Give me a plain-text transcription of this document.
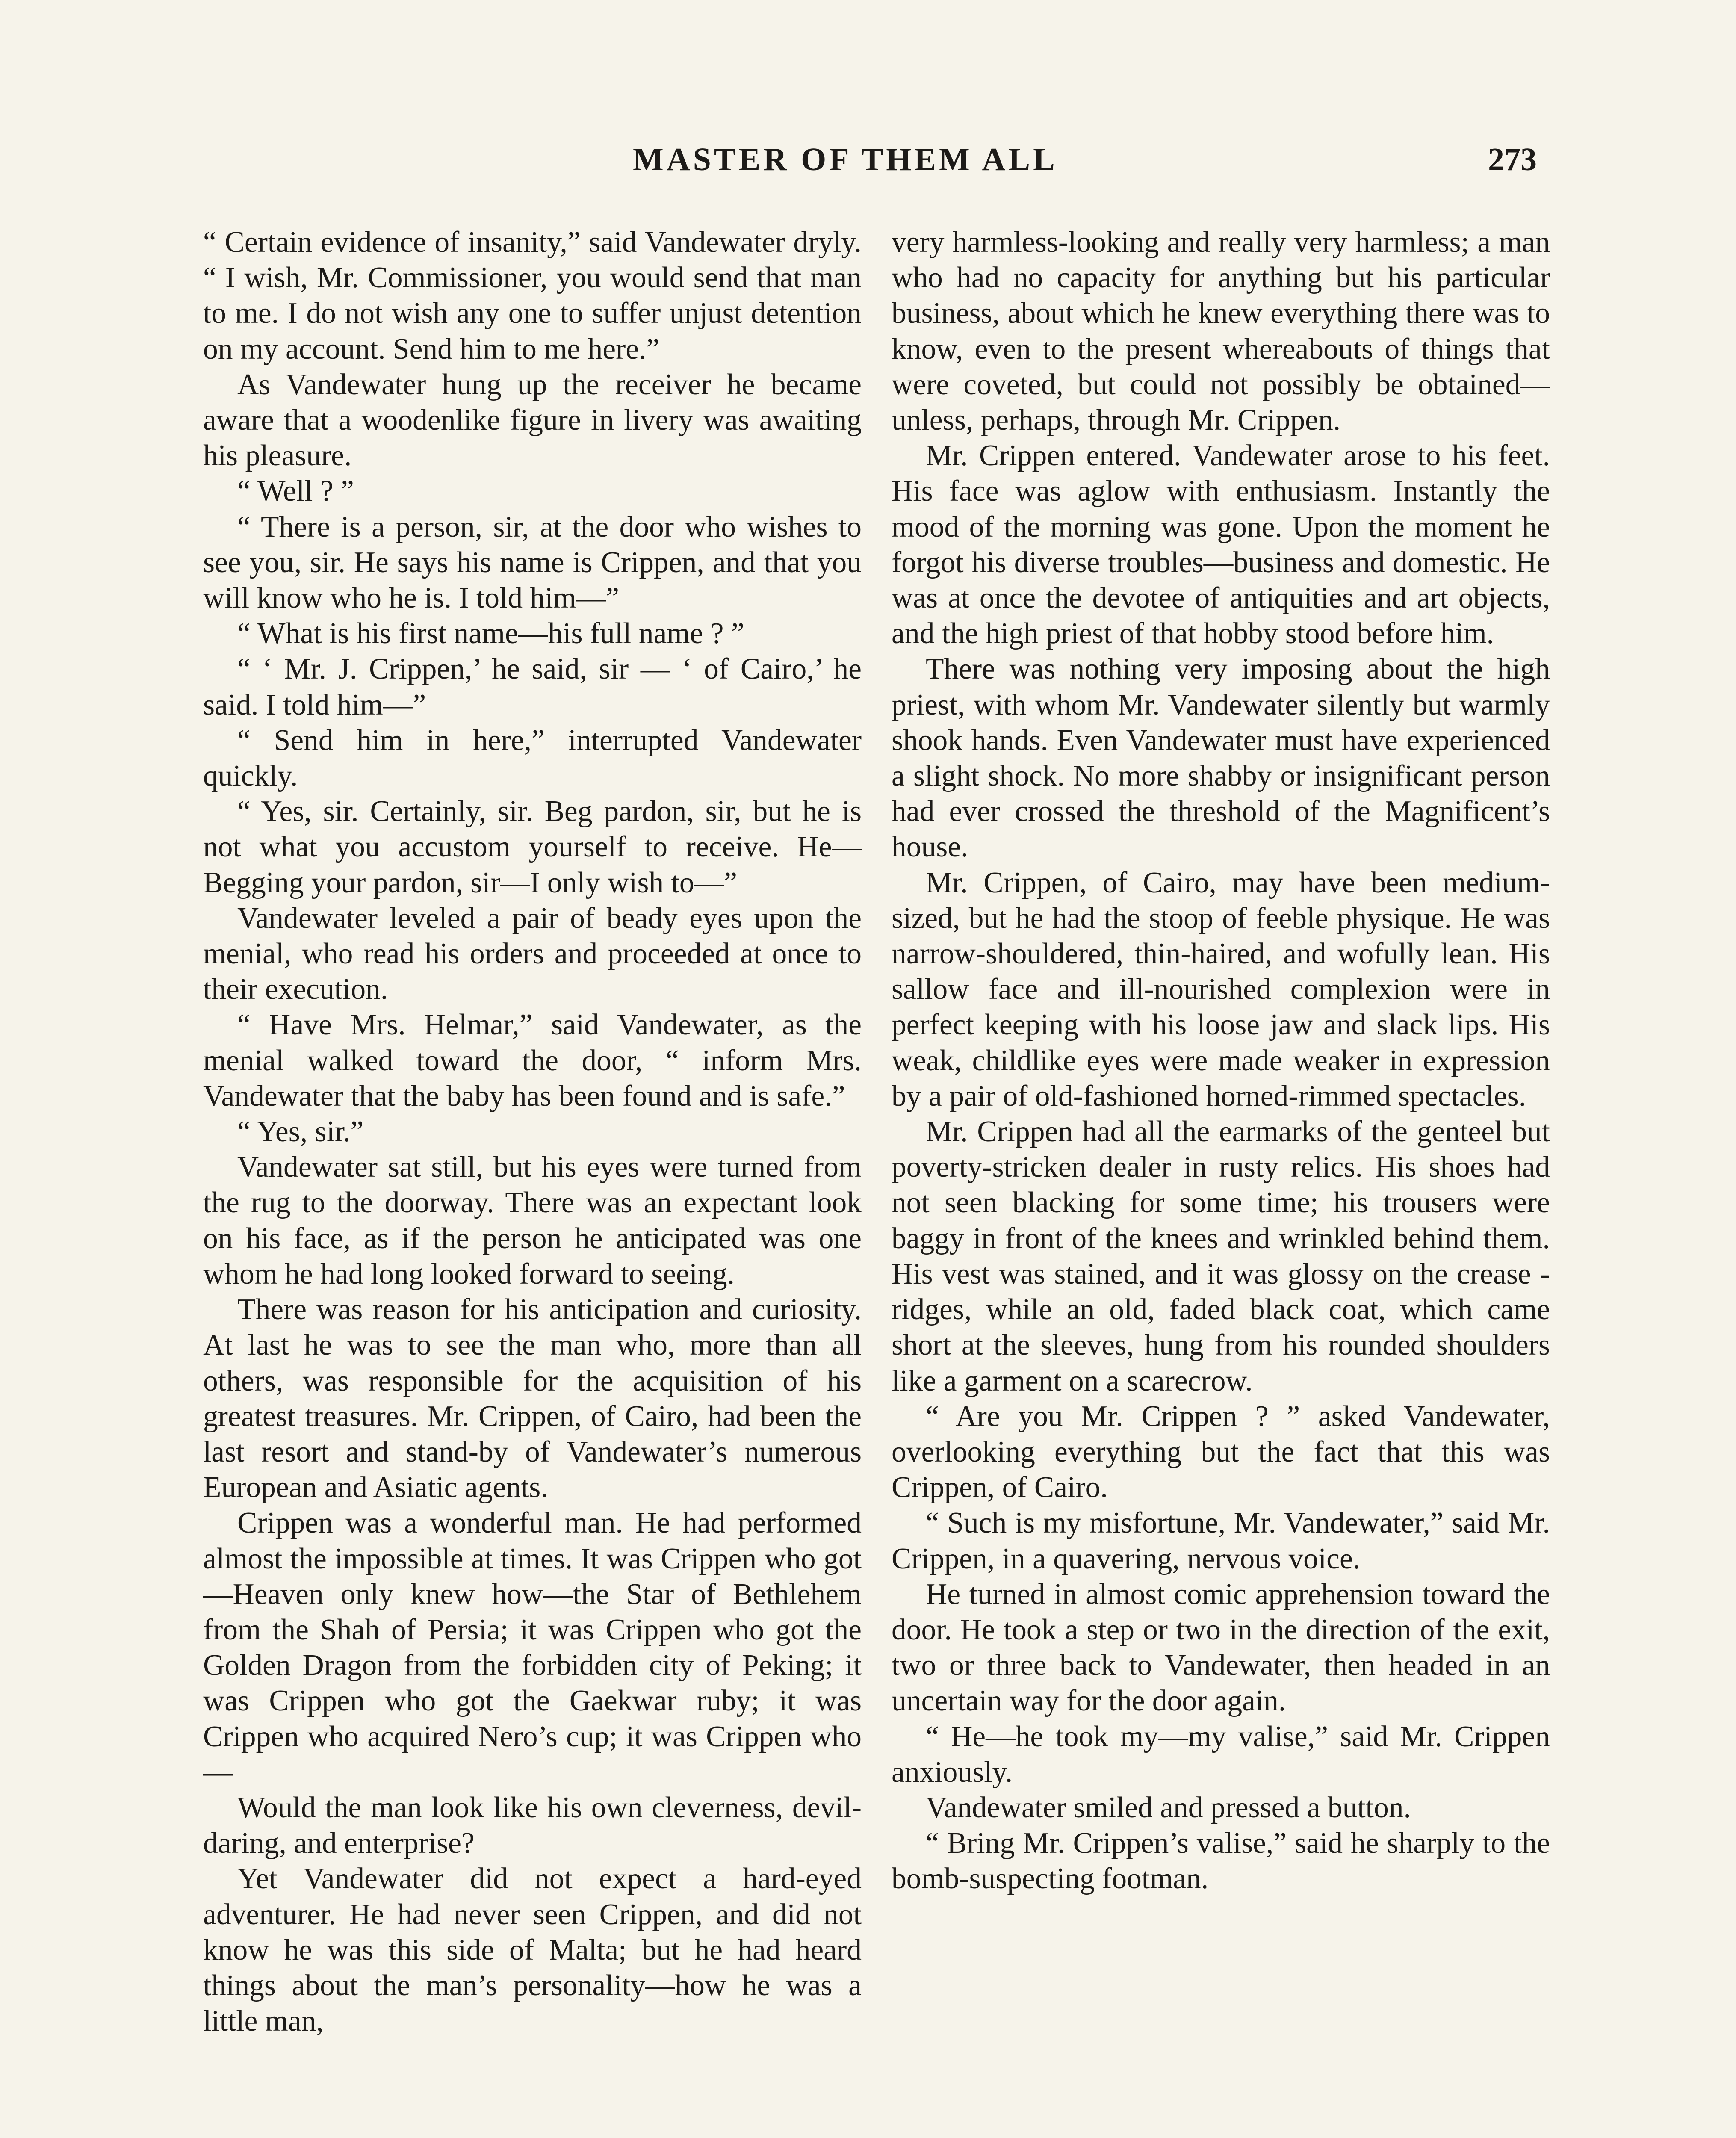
MASTER OF THEM ALL	273

“ Certain evidence of insanity,” said Vandewater dryly. “ I wish, Mr. Commissioner, you would send that man to me. I do not wish any one to suffer unjust detention on my account. Send him to me here.”

As Vandewater hung up the receiver he became aware that a woodenlike figure in livery was awaiting his pleasure.

“ Well ? ”

“ There is a person, sir, at the door who wishes to see you, sir. He says his name is Crippen, and that you will know who he is. I told him—”

“ What is his first name—his full name ? ”

“ ‘ Mr. J. Crippen,’ he said, sir — ‘ of Cairo,’ he said. I told him—”

“ Send him in here,” interrupted Vandewater quickly.

“ Yes, sir. Certainly, sir. Beg pardon, sir, but he is not what you accustom yourself to receive. He— Begging your pardon, sir—I only wish to—”

Vandewater leveled a pair of beady eyes upon the menial, who read his orders and proceeded at once to their execution.

“ Have Mrs. Helmar,” said Vandewater, as the menial walked toward the door, “ inform Mrs. Vandewater that the baby has been found and is safe.”

“ Yes, sir.”

Vandewater sat still, but his eyes were turned from the rug to the doorway. There was an expectant look on his face, as if the person he anticipated was one whom he had long looked forward to seeing.

There was reason for his anticipation and curiosity. At last he was to see the man who, more than all others, was responsible for the acquisition of his greatest treasures. Mr. Crippen, of Cairo, had been the last resort and stand-by of Vandewater’s numerous European and Asiatic agents.

Crippen was a wonderful man. He had performed almost the impossible at times. It was Crippen who got—Heaven only knew how—the Star of Bethlehem from the Shah of Persia; it was Crippen who got the Golden Dragon from the forbidden city of Peking; it was Crippen who got the Gaekwar ruby; it was Crippen who acquired Nero’s cup; it was Crippen who—

Would the man look like his own cleverness, devil-daring, and enterprise?

Yet Vandewater did not expect a hard-eyed adventurer. He had never seen Crippen, and did not know he was this side of Malta; but he had heard things about the man’s personality—how he was a little man,

very harmless-looking and really very harmless; a man who had no capacity for anything but his particular business, about which he knew everything there was to know, even to the present whereabouts of things that were coveted, but could not possibly be obtained—unless, perhaps, through Mr. Crippen.

Mr. Crippen entered. Vandewater arose to his feet. His face was aglow with enthusiasm. Instantly the mood of the morning was gone. Upon the moment he forgot his diverse troubles—business and domestic. He was at once the devotee of antiquities and art objects, and the high priest of that hobby stood before him.

There was nothing very imposing about the high priest, with whom Mr. Vandewater silently but warmly shook hands. Even Vandewater must have experienced a slight shock. No more shabby or insignificant person had ever crossed the threshold of the Magnificent’s house.

Mr. Crippen, of Cairo, may have been medium-sized, but he had the stoop of feeble physique. He was narrow-shouldered, thin-haired, and wofully lean. His sallow face and ill-nourished complexion were in perfect keeping with his loose jaw and slack lips. His weak, childlike eyes were made weaker in expression by a pair of old-fashioned horned-rimmed spectacles.

Mr. Crippen had all the earmarks of the genteel but poverty-stricken dealer in rusty relics. His shoes had not seen blacking for some time; his trousers were baggy in front of the knees and wrinkled behind them. His vest was stained, and it was glossy on the crease - ridges, while an old, faded black coat, which came short at the sleeves, hung from his rounded shoulders like a garment on a scarecrow.

“ Are you Mr. Crippen ? ” asked Vandewater, overlooking everything but the fact that this was Crippen, of Cairo.

“ Such is my misfortune, Mr. Vandewater,” said Mr. Crippen, in a quavering, nervous voice.

He turned in almost comic apprehension toward the door. He took a step or two in the direction of the exit, two or three back to Vandewater, then headed in an uncertain way for the door again.

“ He—he took my—my valise,” said Mr. Crippen anxiously.

Vandewater smiled and pressed a button.

“ Bring Mr. Crippen’s valise,” said he sharply to the bomb-suspecting footman.
